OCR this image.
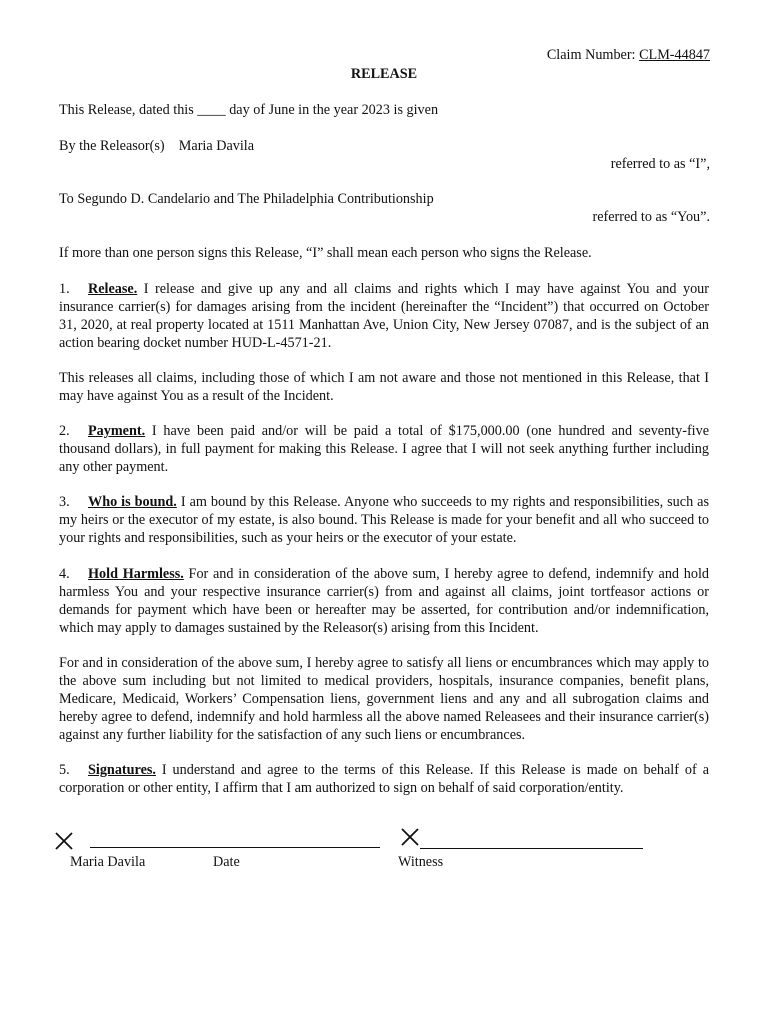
Claim Number: CLM-44847
RELEASE
This Release, dated this ____ day of June in the year 2023 is given
By the Releasor(s)    Maria Davila
referred to as “I”,
To Segundo D. Candelario and The Philadelphia Contributionship
referred to as “You”.
If more than one person signs this Release, “I” shall mean each person who signs the Release.
1. Release. I release and give up any and all claims and rights which I may have against You and your insurance carrier(s) for damages arising from the incident (hereinafter the “Incident”) that occurred on October 31, 2020, at real property located at 1511 Manhattan Ave, Union City, New Jersey 07087, and is the subject of an action bearing docket number HUD-L-4571-21.
This releases all claims, including those of which I am not aware and those not mentioned in this Release, that I may have against You as a result of the Incident.
2. Payment. I have been paid and/or will be paid a total of $175,000.00 (one hundred and seventy-five thousand dollars), in full payment for making this Release. I agree that I will not seek anything further including any other payment.
3. Who is bound. I am bound by this Release. Anyone who succeeds to my rights and responsibilities, such as my heirs or the executor of my estate, is also bound. This Release is made for your benefit and all who succeed to your rights and responsibilities, such as your heirs or the executor of your estate.
4. Hold Harmless. For and in consideration of the above sum, I hereby agree to defend, indemnify and hold harmless You and your respective insurance carrier(s) from and against all claims, joint tortfeasor actions or demands for payment which have been or hereafter may be asserted, for contribution and/or indemnification, which may apply to damages sustained by the Releasor(s) arising from this Incident.
For and in consideration of the above sum, I hereby agree to satisfy all liens or encumbrances which may apply to the above sum including but not limited to medical providers, hospitals, insurance companies, benefit plans, Medicare, Medicaid, Workers’ Compensation liens, government liens and any and all subrogation claims and hereby agree to defend, indemnify and hold harmless all the above named Releasees and their insurance carrier(s) against any further liability for the satisfaction of any such liens or encumbrances.
5. Signatures. I understand and agree to the terms of this Release. If this Release is made on behalf of a corporation or other entity, I affirm that I am authorized to sign on behalf of said corporation/entity.
Maria Davila	Date	Witness
